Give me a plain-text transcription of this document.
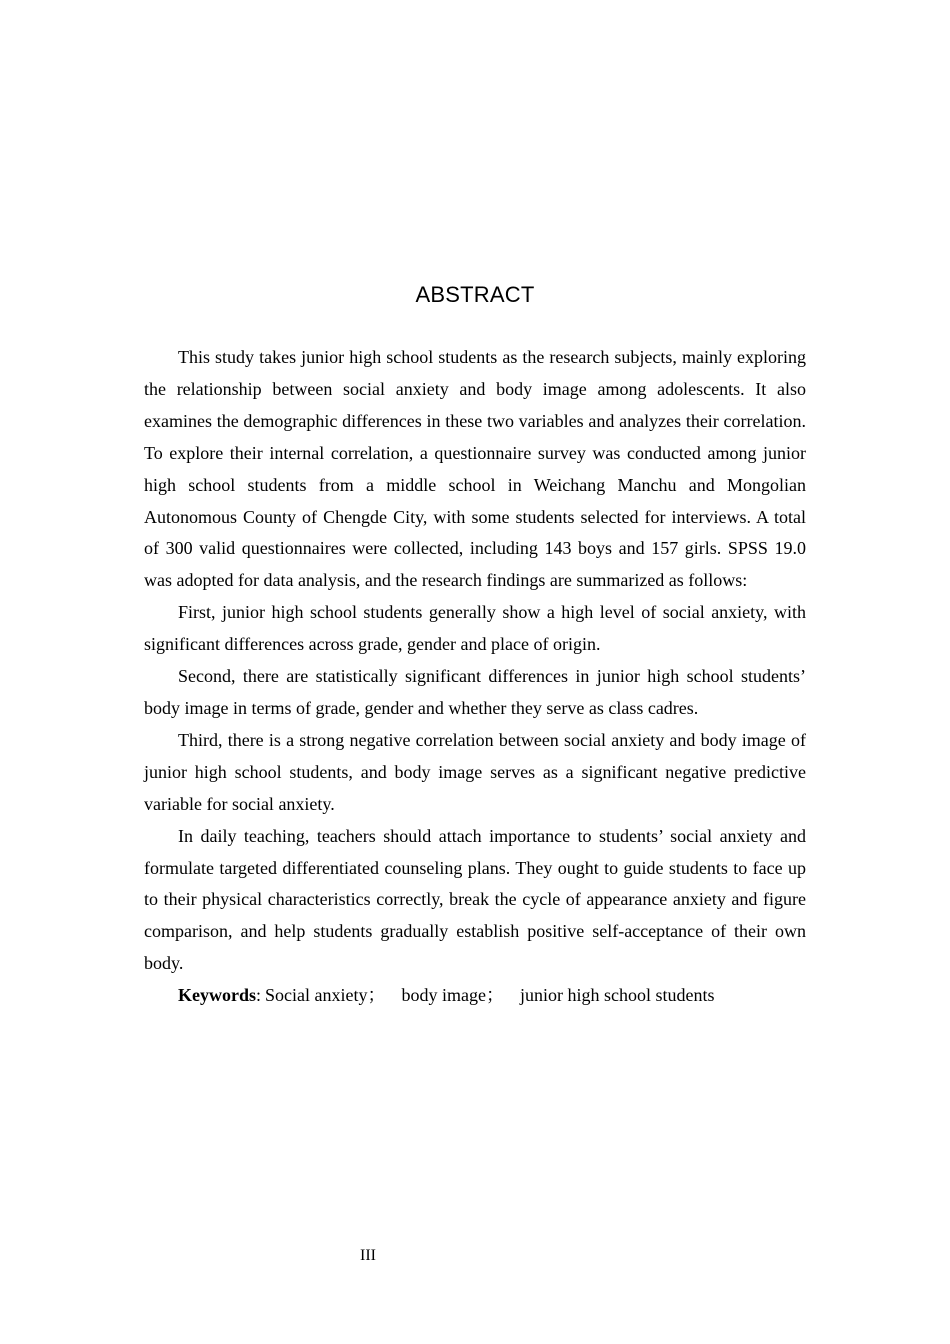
ABSTRACT

This study takes junior high school students as the research subjects, mainly exploring the relationship between social anxiety and body image among adolescents. It also examines the demographic differences in these two variables and analyzes their correlation. To explore their internal correlation, a questionnaire survey was conducted among junior high school students from a middle school in Weichang Manchu and Mongolian Autonomous County of Chengde City, with some students selected for interviews. A total of 300 valid questionnaires were collected, including 143 boys and 157 girls. SPSS 19.0 was adopted for data analysis, and the research findings are summarized as follows:

First, junior high school students generally show a high level of social anxiety, with significant differences across grade, gender and place of origin.

Second, there are statistically significant differences in junior high school students’ body image in terms of grade, gender and whether they serve as class cadres.

Third, there is a strong negative correlation between social anxiety and body image of junior high school students, and body image serves as a significant negative predictive variable for social anxiety.

In daily teaching, teachers should attach importance to students’ social anxiety and formulate targeted differentiated counseling plans. They ought to guide students to face up to their physical characteristics correctly, break the cycle of appearance anxiety and figure comparison, and help students gradually establish positive self-acceptance of their own body.

Keywords: Social anxiety； body image； junior high school students

III
